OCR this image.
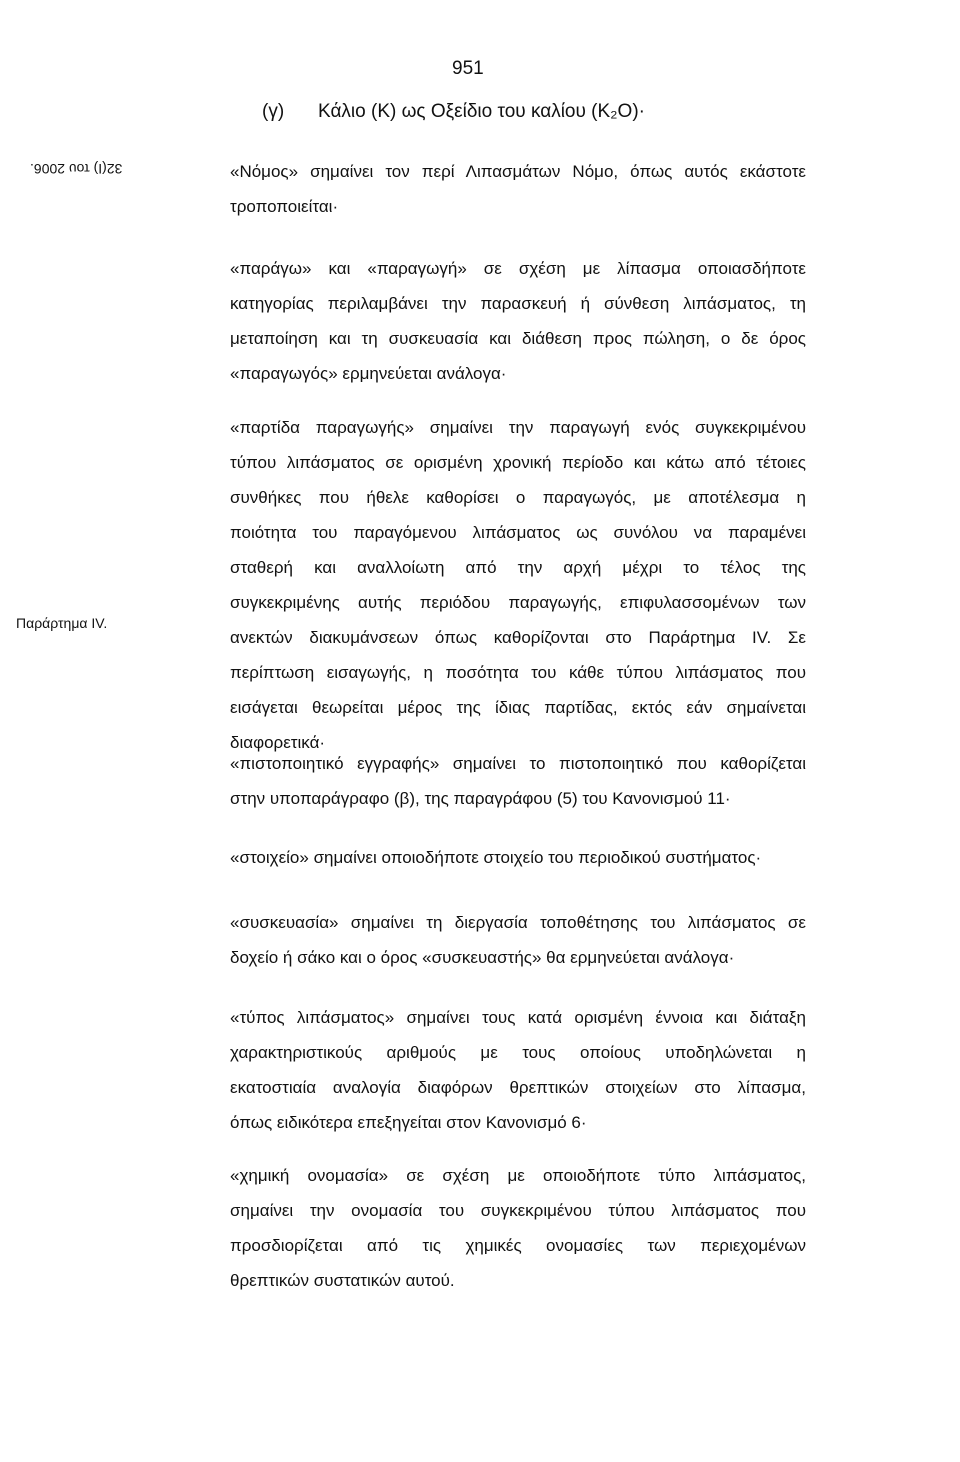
951
(γ) Κάλιο (Κ) ως Οξείδιο του καλίου (K₂O)·
32(I) του 2006.
Παράρτημα IV.
«Νόμος» σημαίνει τον περί Λιπασμάτων Νόμο, όπως αυτός εκάστοτε
τροποποιείται·
«παράγω» και «παραγωγή» σε σχέση με λίπασμα οποιασδήποτε
κατηγορίας περιλαμβάνει την παρασκευή ή σύνθεση λιπάσματος, τη
μεταποίηση και τη συσκευασία και διάθεση προς πώληση, ο δε όρος
«παραγωγός» ερμηνεύεται ανάλογα·
«παρτίδα παραγωγής» σημαίνει την παραγωγή ενός συγκεκριμένου
τύπου λιπάσματος σε ορισμένη χρονική περίοδο και κάτω από τέτοιες
συνθήκες που ήθελε καθορίσει ο παραγωγός, με αποτέλεσμα η
ποιότητα του παραγόμενου λιπάσματος ως συνόλου να παραμένει
σταθερή και αναλλοίωτη από την αρχή μέχρι το τέλος της
συγκεκριμένης αυτής περιόδου παραγωγής, επιφυλασσομένων των
ανεκτών διακυμάνσεων όπως καθορίζονται στο Παράρτημα IV. Σε
περίπτωση εισαγωγής, η ποσότητα του κάθε τύπου λιπάσματος που
εισάγεται θεωρείται μέρος της ίδιας παρτίδας, εκτός εάν σημαίνεται
διαφορετικά·
«πιστοποιητικό εγγραφής» σημαίνει το πιστοποιητικό που καθορίζεται
στην υποπαράγραφο (β), της παραγράφου (5) του Κανονισμού 11·
«στοιχείο» σημαίνει οποιοδήποτε στοιχείο του περιοδικού συστήματος·
«συσκευασία» σημαίνει τη διεργασία τοποθέτησης του λιπάσματος σε
δοχείο ή σάκο και ο όρος «συσκευαστής» θα ερμηνεύεται ανάλογα·
«τύπος λιπάσματος» σημαίνει τους κατά ορισμένη έννοια και διάταξη
χαρακτηριστικούς αριθμούς με τους οποίους υποδηλώνεται η
εκατοστιαία αναλογία διαφόρων θρεπτικών στοιχείων στο λίπασμα,
όπως ειδικότερα επεξηγείται στον Κανονισμό 6·
«χημική ονομασία» σε σχέση με οποιοδήποτε τύπο λιπάσματος,
σημαίνει την ονομασία του συγκεκριμένου τύπου λιπάσματος που
προσδιορίζεται από τις χημικές ονομασίες των περιεχομένων
θρεπτικών συστατικών αυτού.
